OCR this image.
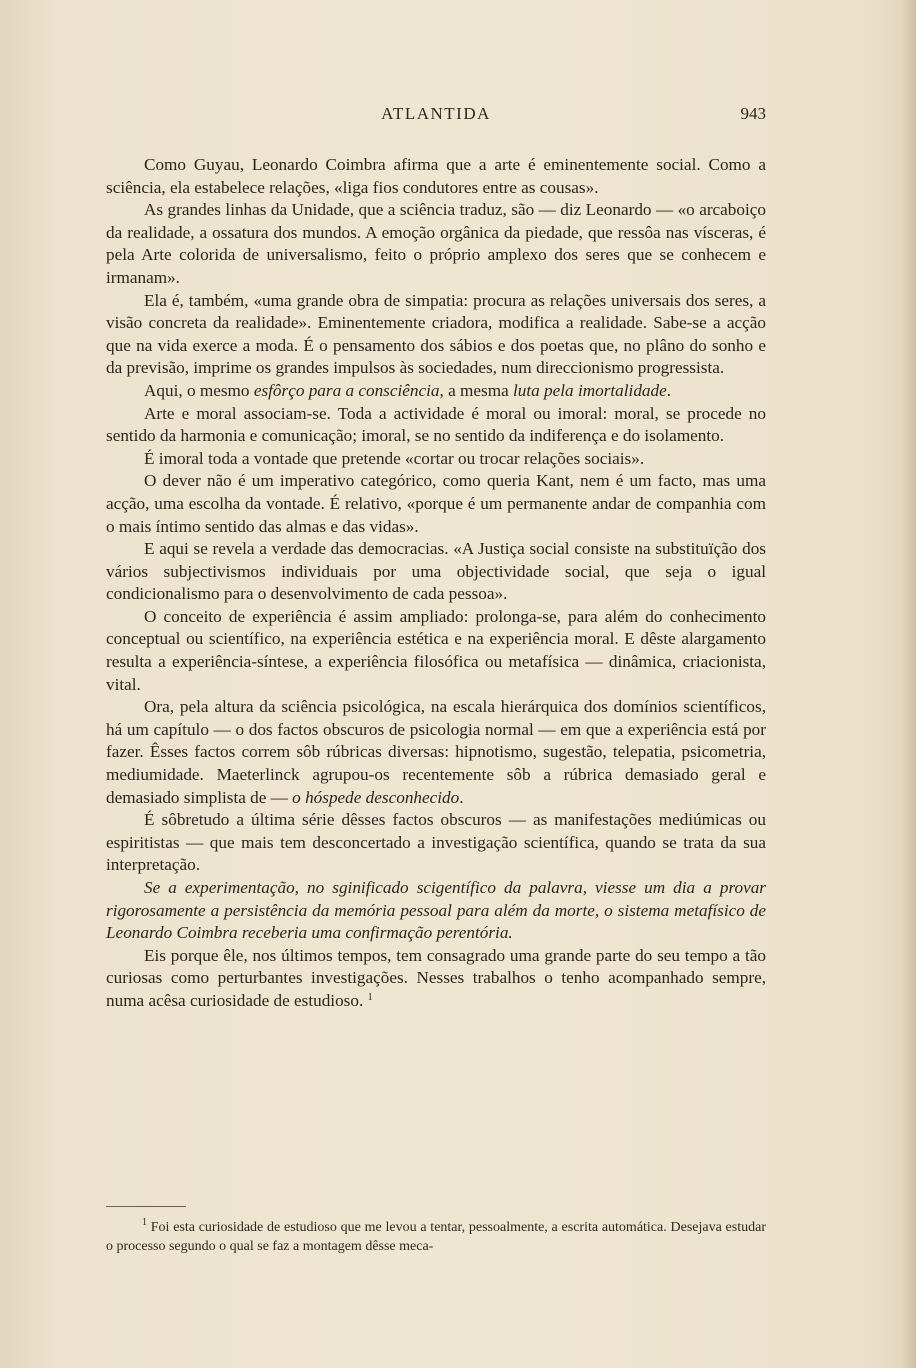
ATLANTIDA	943

Como Guyau, Leonardo Coimbra afirma que a arte é eminentemente social. Como a sciência, ela estabelece relações, «liga fios condutores entre as cousas».

As grandes linhas da Unidade, que a sciência traduz, são — diz Leonardo — «o arcaboiço da realidade, a ossatura dos mundos. A emoção orgânica da piedade, que ressôa nas vísceras, é pela Arte colorida de universalismo, feito o próprio amplexo dos seres que se conhecem e irmanam».

Ela é, também, «uma grande obra de simpatia: procura as relações universais dos seres, a visão concreta da realidade». Eminentemente criadora, modifica a realidade. Sabe-se a acção que na vida exerce a moda. É o pensamento dos sábios e dos poetas que, no plâno do sonho e da previsão, imprime os grandes impulsos às sociedades, num direccionismo progressista.

Aqui, o mesmo esfôrço para a consciência, a mesma luta pela imortalidade.

Arte e moral associam-se. Toda a actividade é moral ou imoral: moral, se procede no sentido da harmonia e comunicação; imoral, se no sentido da indiferença e do isolamento.

É imoral toda a vontade que pretende «cortar ou trocar relações sociais».

O dever não é um imperativo categórico, como queria Kant, nem é um facto, mas uma acção, uma escolha da vontade. É relativo, «porque é um permanente andar de companhia com o mais íntimo sentido das almas e das vidas».

E aqui se revela a verdade das democracias. «A Justiça social consiste na substituïção dos vários subjectivismos individuais por uma objectividade social, que seja o igual condicionalismo para o desenvolvimento de cada pessoa».

O conceito de experiência é assim ampliado: prolonga-se, para além do conhecimento conceptual ou scientífico, na experiência estética e na experiência moral. E dêste alargamento resulta a experiência-síntese, a experiência filosófica ou metafísica — dinâmica, criacionista, vital.

Ora, pela altura da sciência psicológica, na escala hierárquica dos domínios scientíficos, há um capítulo — o dos factos obscuros de psicologia normal — em que a experiência está por fazer. Êsses factos correm sôb rúbricas diversas: hipnotismo, sugestão, telepatia, psicometria, mediumidade. Maeterlinck agrupou-os recentemente sôb a rúbrica demasiado geral e demasiado simplista de — o hóspede desconhecido.

É sôbretudo a última série dêsses factos obscuros — as manifestações mediúmicas ou espiritistas — que mais tem desconcertado a investigação scientífica, quando se trata da sua interpretação.

Se a experimentação, no sginificado scigentífico da palavra, viesse um dia a provar rigorosamente a persistência da memória pessoal para além da morte, o sistema metafísico de Leonardo Coimbra receberia uma confirmação perentória.

Eis porque êle, nos últimos tempos, tem consagrado uma grande parte do seu tempo a tão curiosas como perturbantes investigações. Nesses trabalhos o tenho acompanhado sempre, numa acêsa curiosidade de estudioso. $^1$

$^1$ Foi esta curiosidade de estudioso que me levou a tentar, pessoalmente, a escrita automática. Desejava estudar o processo segundo o qual se faz a montagem dêsse meca-
